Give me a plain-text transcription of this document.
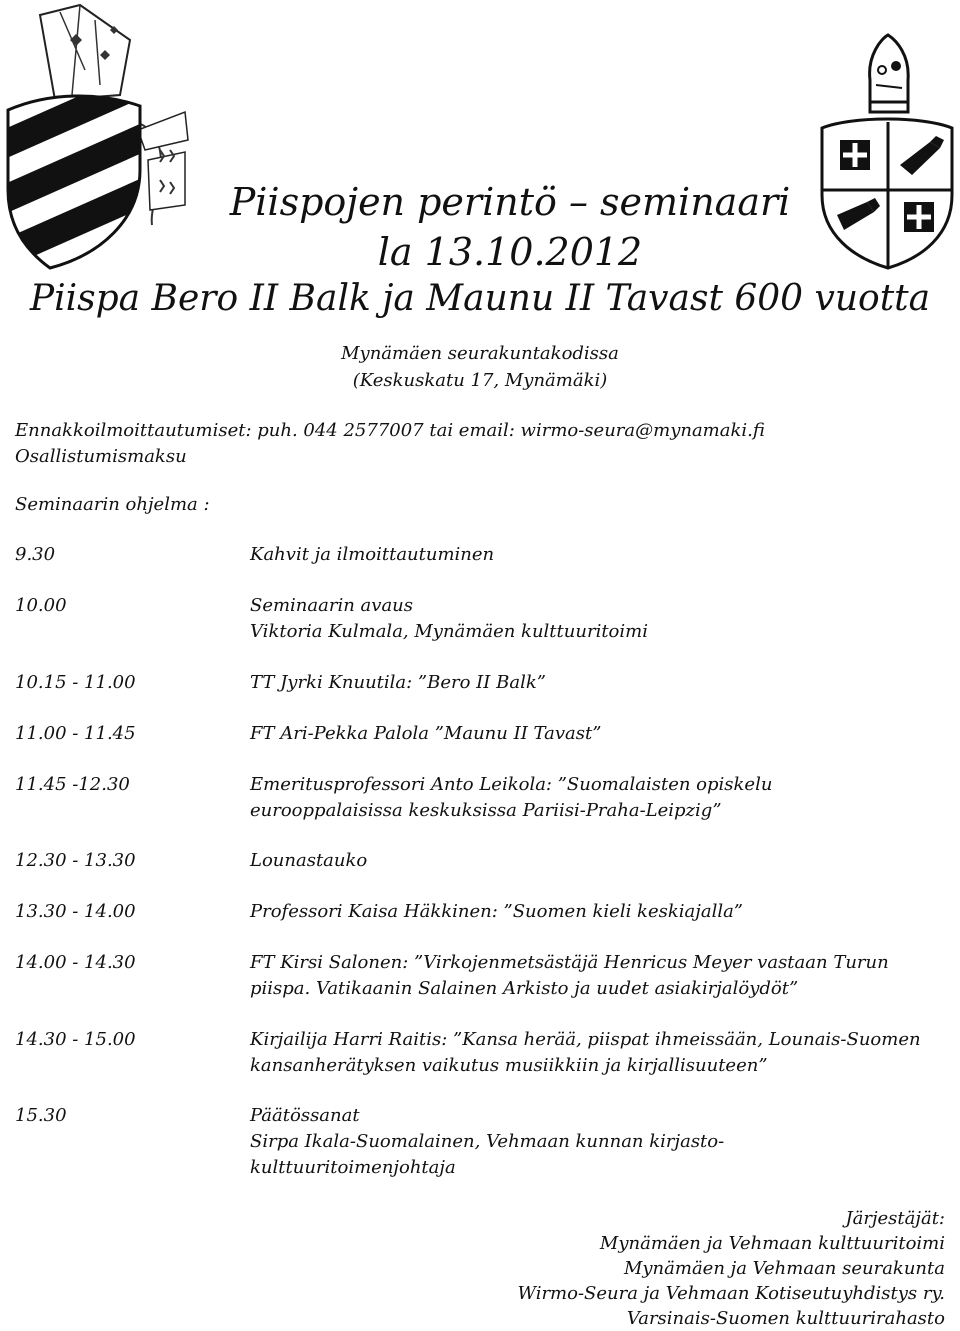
Piispojen perintö – seminaari
la 13.10.2012
Piispa Bero II Balk ja Maunu II Tavast 600 vuotta
Mynämäen seurakuntakodissa
(Keskuskatu 17, Mynämäki)
Ennakkoilmoittautumiset: puh. 044 2577007 tai email: wirmo-seura@mynamaki.fi
Osallistumismaksu
Seminaarin ohjelma :
9.30	Kahvit ja ilmoittautuminen
10.00	Seminaarin avaus
Viktoria Kulmala, Mynämäen kulttuuritoimi
10.15 - 11.00	TT Jyrki Knuutila: ”Bero II Balk”
11.00 - 11.45	FT Ari-Pekka Palola ”Maunu II Tavast”
11.45 -12.30	Emeritusprofessori Anto Leikola: ”Suomalaisten opiskelu
eurooppalaisissa keskuksissa Pariisi-Praha-Leipzig”
12.30 - 13.30	Lounastauko
13.30 - 14.00	Professori Kaisa Häkkinen: ”Suomen kieli keskiajalla”
14.00 - 14.30	FT Kirsi Salonen: ”Virkojenmetsästäjä Henricus Meyer vastaan Turun
piispa. Vatikaanin Salainen Arkisto ja uudet asiakirjalöydöt”
14.30 - 15.00	Kirjailija Harri Raitis: ”Kansa herää, piispat ihmeissään, Lounais-Suomen
kansanherätyksen vaikutus musiikkiin ja kirjallisuuteen”
15.30	Päätössanat
Sirpa Ikala-Suomalainen, Vehmaan kunnan kirjasto-
kulttuuritoimenjohtaja
Järjestäjät:
Mynämäen ja Vehmaan kulttuuritoimi
Mynämäen ja Vehmaan seurakunta
Wirmo-Seura ja Vehmaan Kotiseutuyhdistys ry.
Varsinais-Suomen kulttuurirahasto
